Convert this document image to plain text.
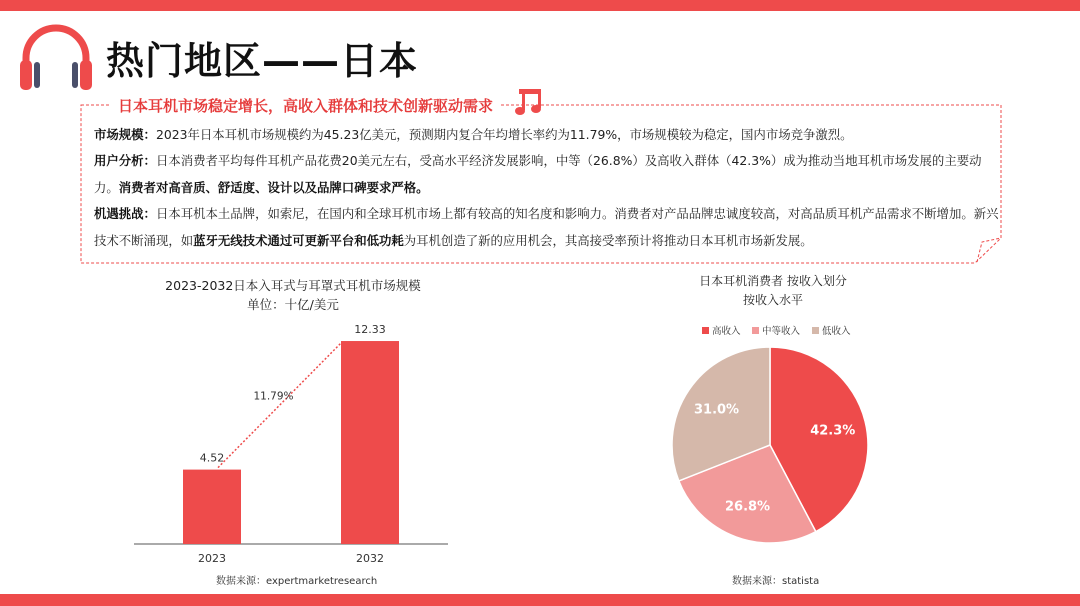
热门地区——日本
日本耳机市场稳定增长，高收入群体和技术创新驱动需求
市场规模：2023年日本耳机市场规模约为45.23亿美元，预测期内复合年均增长率约为11.79%，市场规模较为稳定，国内市场竞争激烈。
用户分析：日本消费者平均每件耳机产品花费20美元左右，受高水平经济发展影响，中等（26.8%）及高收入群体（42.3%）成为推动当地耳机市场发展的主要动力。消费者对高音质、舒适度、设计以及品牌口碑要求严格。
机遇挑战：日本耳机本土品牌，如索尼，在国内和全球耳机市场上都有较高的知名度和影响力。消费者对产品品牌忠诚度较高，对高品质耳机产品需求不断增加。新兴技术不断涌现，如蓝牙无线技术通过可更新平台和低功耗为耳机创造了新的应用机会，其高接受率预计将推动日本耳机市场新发展。
2023-2032日本入耳式与耳罩式耳机市场规模
单位：十亿/美元
4.52
2023
12.33
2032
11.79%
数据来源：expertmarketresearch
日本耳机消费者 按收入划分
按收入水平
高收入 中等收入 低收入
42.3%
26.8%
31.0%
数据来源：statista
